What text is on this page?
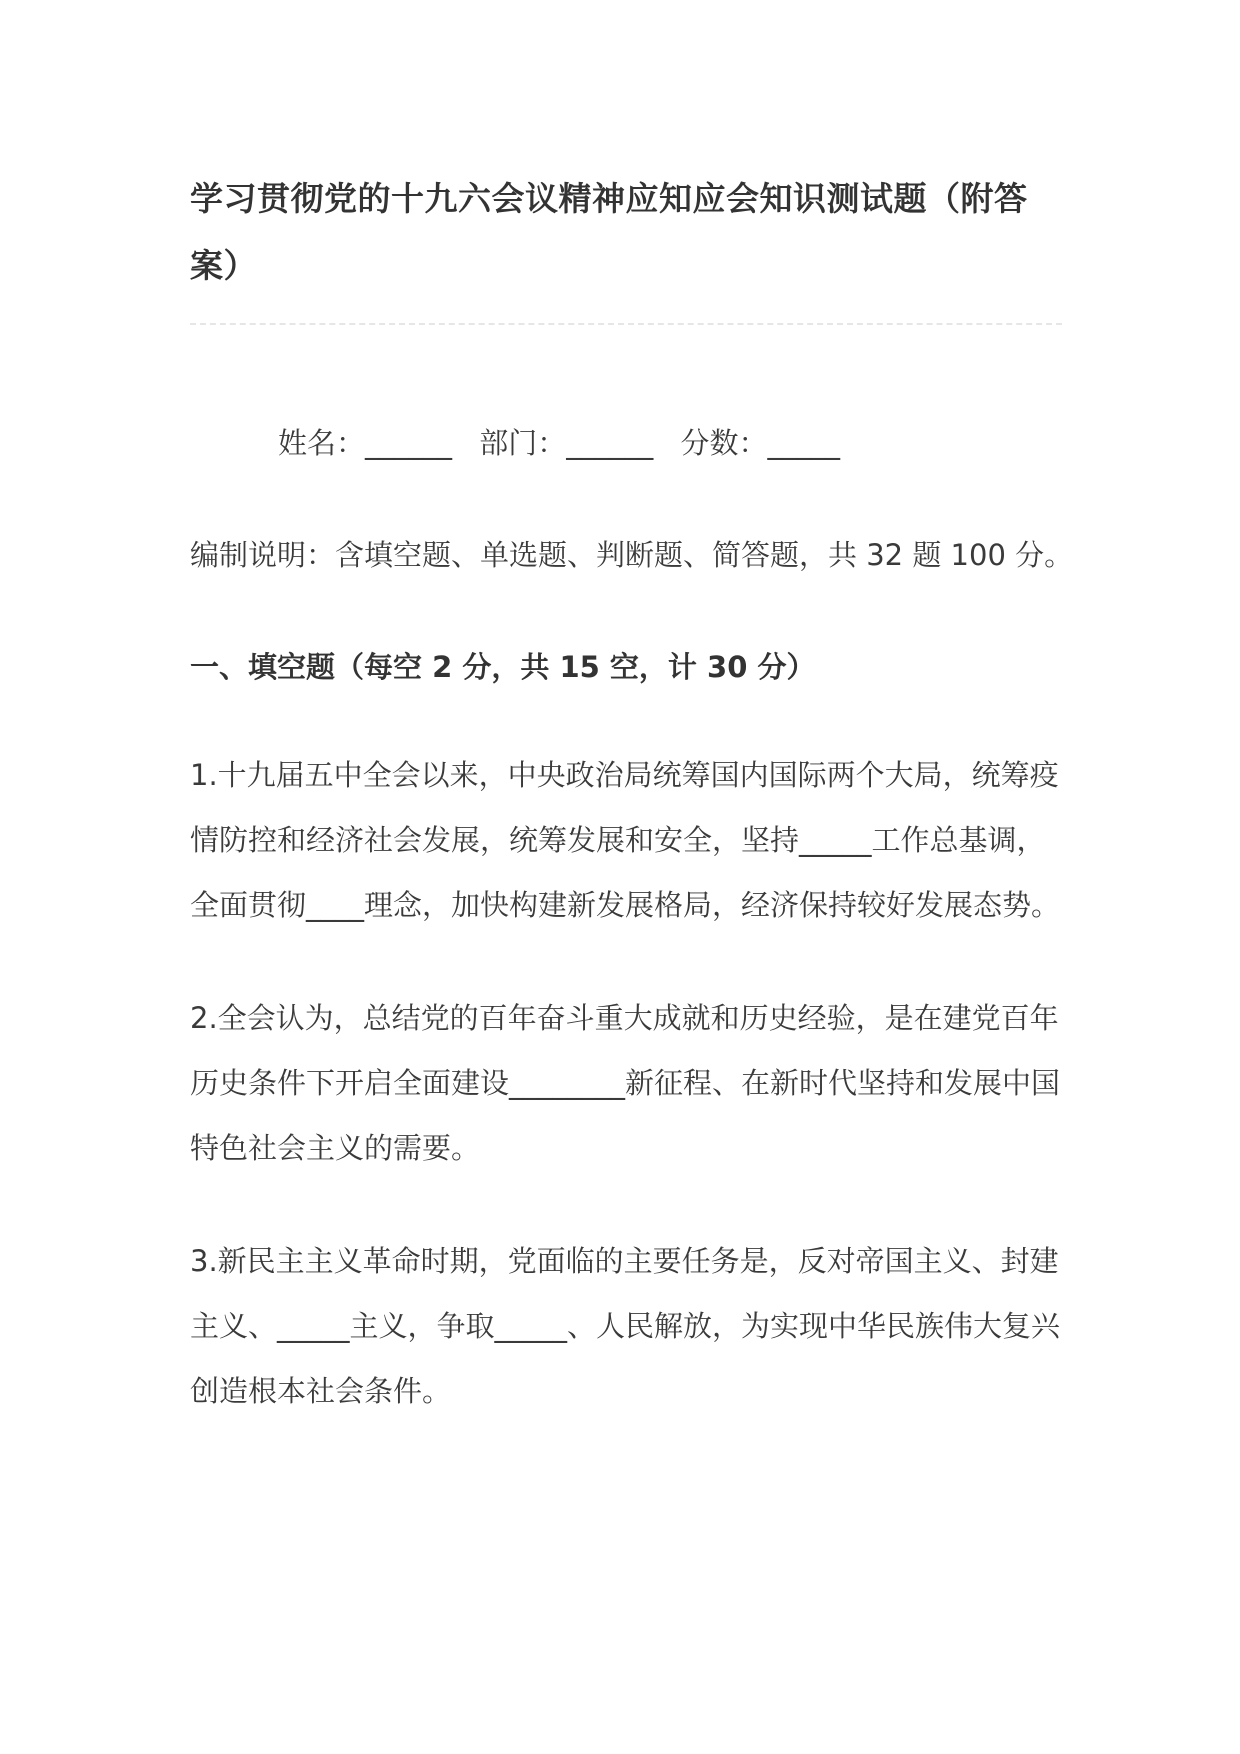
学习贯彻党的十九六会议精神应知应会知识测试题（附答案）
姓名：______ 部门：______ 分数：_____
编制说明：含填空题、单选题、判断题、简答题，共 32 题 100 分。
一、填空题（每空 2 分，共 15 空，计 30 分）

1.十九届五中全会以来，中央政治局统筹国内国际两个大局，统筹疫情防控和经济社会发展，统筹发展和安全，坚持_____工作总基调，全面贯彻____理念，加快构建新发展格局，经济保持较好发展态势。

2.全会认为，总结党的百年奋斗重大成就和历史经验，是在建党百年历史条件下开启全面建设________新征程、在新时代坚持和发展中国特色社会主义的需要。

3.新民主主义革命时期，党面临的主要任务是，反对帝国主义、封建主义、_____主义，争取_____、人民解放，为实现中华民族伟大复兴创造根本社会条件。
